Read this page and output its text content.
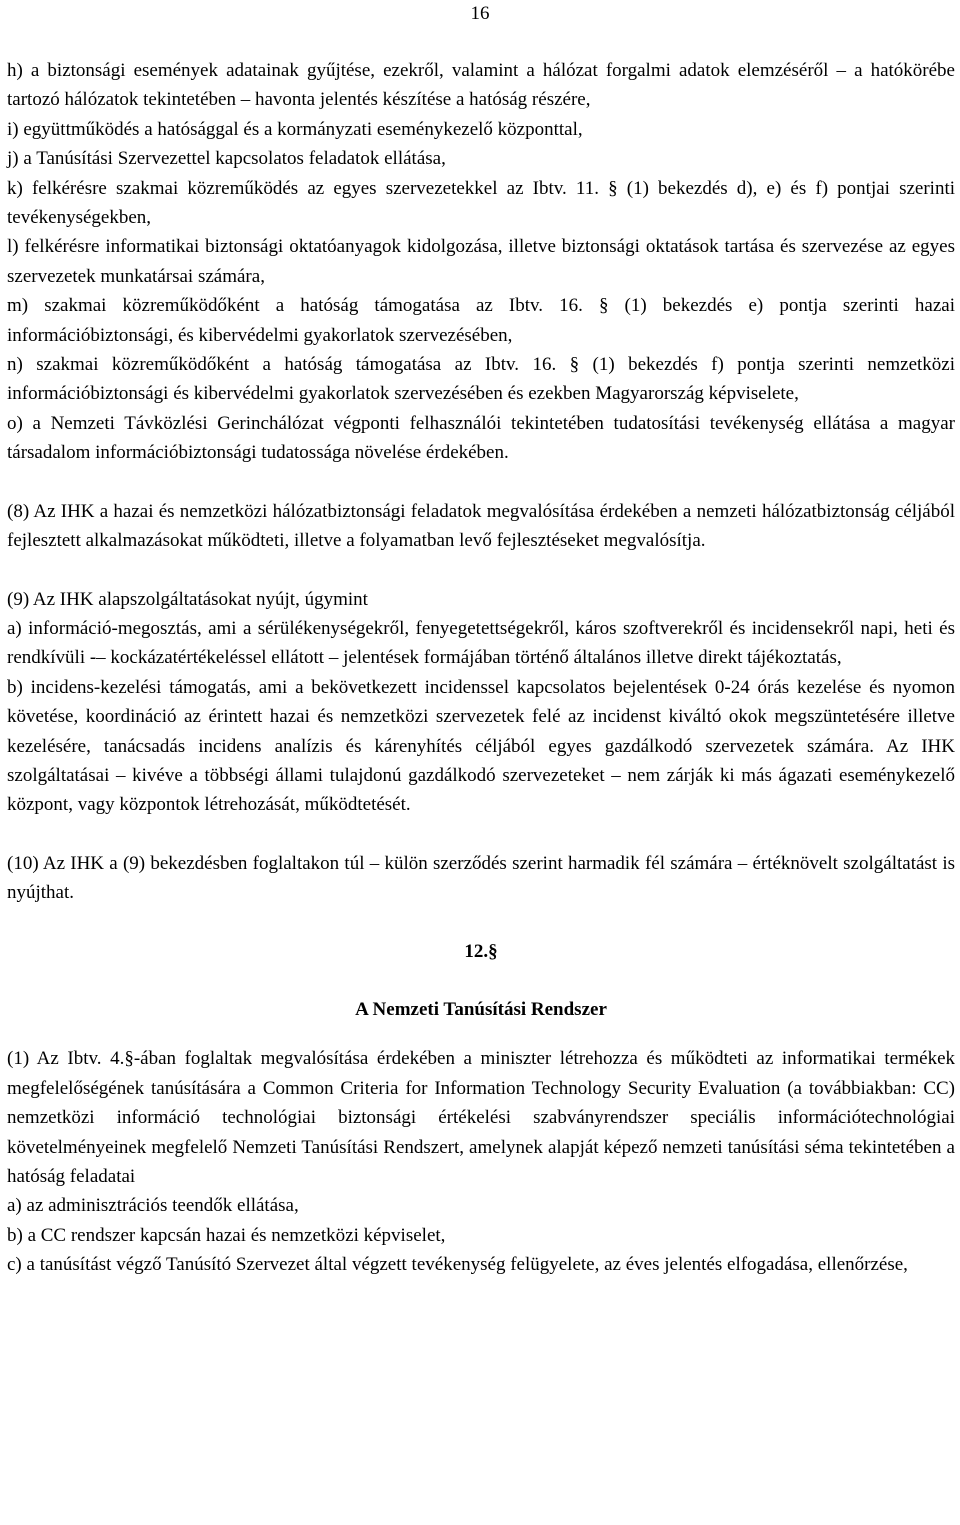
16

h) a biztonsági események adatainak gyűjtése, ezekről, valamint a hálózat forgalmi adatok elemzéséről – a hatókörébe tartozó hálózatok tekintetében – havonta jelentés készítése a hatóság részére,

i) együttműködés a hatósággal és a kormányzati eseménykezelő központtal,

j) a Tanúsítási Szervezettel kapcsolatos feladatok ellátása,

k) felkérésre szakmai közreműködés az egyes szervezetekkel az Ibtv. 11. § (1) bekezdés d), e) és f) pontjai szerinti tevékenységekben,

l) felkérésre informatikai biztonsági oktatóanyagok kidolgozása, illetve biztonsági oktatások tartása és szervezése az egyes szervezetek munkatársai számára,

m) szakmai közreműködőként a hatóság támogatása az Ibtv. 16. § (1) bekezdés e) pontja szerinti hazai információbiztonsági, és kibervédelmi gyakorlatok szervezésében,

n) szakmai közreműködőként a hatóság támogatása az Ibtv. 16. § (1) bekezdés f) pontja szerinti nemzetközi információbiztonsági és kibervédelmi gyakorlatok szervezésében és ezekben Magyarország képviselete,

o) a Nemzeti Távközlési Gerinchálózat végponti felhasználói tekintetében tudatosítási tevékenység ellátása a magyar társadalom információbiztonsági tudatossága növelése érdekében.

(8) Az IHK a hazai és nemzetközi hálózatbiztonsági feladatok megvalósítása érdekében a nemzeti hálózatbiztonság céljából fejlesztett alkalmazásokat működteti, illetve a folyamatban levő fejlesztéseket megvalósítja.

(9) Az IHK alapszolgáltatásokat nyújt, úgymint

a) információ-megosztás, ami a sérülékenységekről, fenyegetettségekről, káros szoftverekről és incidensekről napi, heti és rendkívüli -– kockázatértékeléssel ellátott – jelentések formájában történő általános illetve direkt tájékoztatás,

b) incidens-kezelési támogatás, ami a bekövetkezett incidenssel kapcsolatos bejelentések 0-24 órás kezelése és nyomon követése, koordináció az érintett hazai és nemzetközi szervezetek felé az incidenst kiváltó okok megszüntetésére illetve kezelésére, tanácsadás incidens analízis és kárenyhítés céljából egyes gazdálkodó szervezetek számára. Az IHK szolgáltatásai – kivéve a többségi állami tulajdonú gazdálkodó szervezeteket – nem zárják ki más ágazati eseménykezelő központ, vagy központok létrehozását, működtetését.

(10) Az IHK a (9) bekezdésben foglaltakon túl – külön szerződés szerint harmadik fél számára – értéknövelt szolgáltatást is nyújthat.

12.§

A Nemzeti Tanúsítási Rendszer

(1) Az Ibtv. 4.§-ában foglaltak megvalósítása érdekében a miniszter létrehozza és működteti az informatikai termékek megfelelőségének tanúsítására a Common Criteria for Information Technology Security Evaluation (a továbbiakban: CC) nemzetközi információ technológiai biztonsági értékelési szabványrendszer speciális információtechnológiai követelményeinek megfelelő Nemzeti Tanúsítási Rendszert, amelynek alapját képező nemzeti tanúsítási séma tekintetében a hatóság feladatai

a) az adminisztrációs teendők ellátása,

b) a CC rendszer kapcsán hazai és nemzetközi képviselet,

c) a tanúsítást végző Tanúsító Szervezet által végzett tevékenység felügyelete, az éves jelentés elfogadása, ellenőrzése,
